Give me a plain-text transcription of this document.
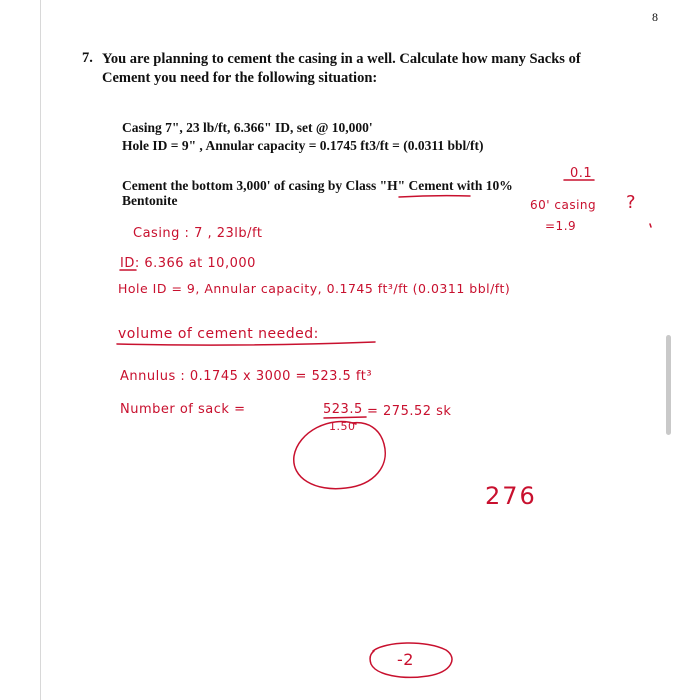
8
7. You are planning to cement the casing in a well. Calculate how many Sacks of
Cement you need for the following situation:
Casing 7", 23 lb/ft, 6.366" ID, set @ 10,000'
Hole ID = 9" , Annular capacity = 0.1745 ft3/ft = (0.0311 bbl/ft)
Cement the bottom 3,000' of casing by Class "H" Cement with 10%
Bentonite
0.1
60' casing ?
=1.9
Casing : 7 , 23lb/ft
ID: 6.366 at 10,000
Hole ID = 9, Annular capacity, 0.1745 ft³/ft (0.0311 bbl/ft)
volume of cement needed:
Annulus : 0.1745 x 3000 = 523.5 ft³
Number of sack =	523.5
1.50
= 275.52 sk
276
-2
